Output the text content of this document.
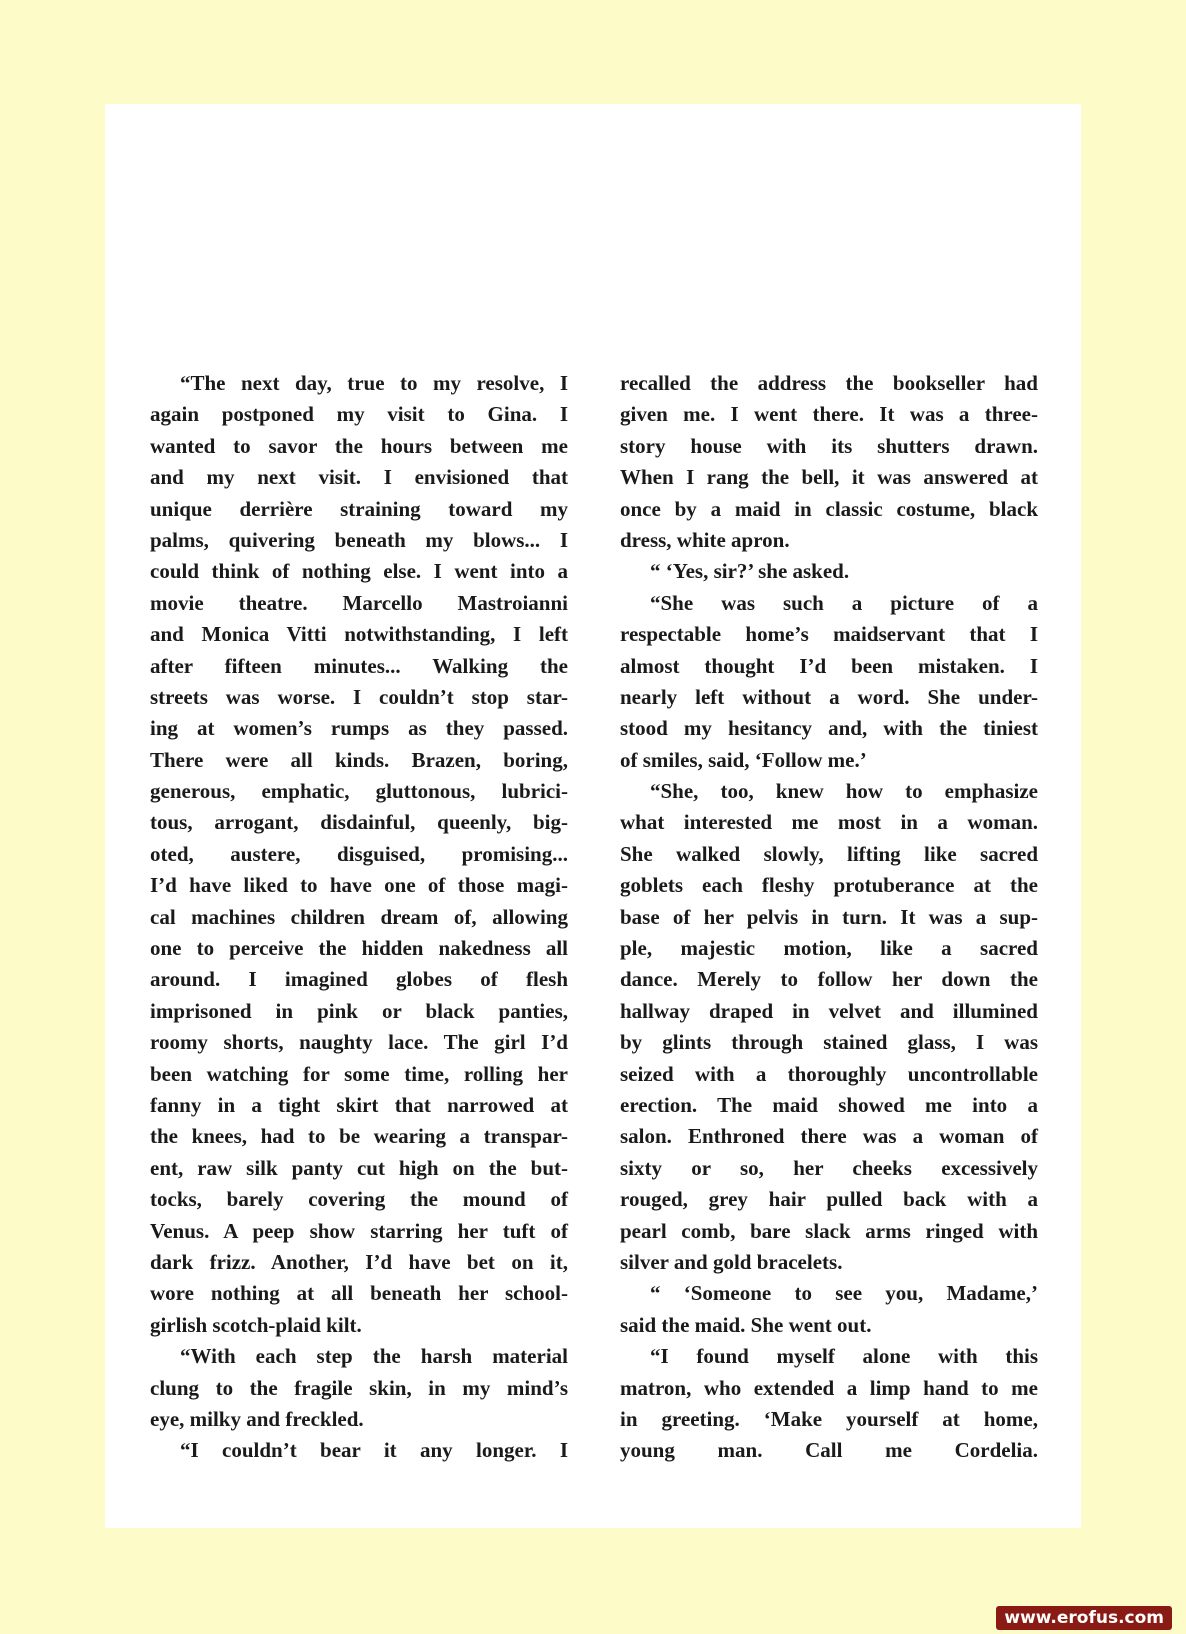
“The next day, true to my resolve, I
again postponed my visit to Gina. I
wanted to savor the hours between me
and my next visit. I envisioned that
unique derrière straining toward my
palms, quivering beneath my blows... I
could think of nothing else. I went into a
movie theatre. Marcello Mastroianni
and Monica Vitti notwithstanding, I left
after fifteen minutes... Walking the
streets was worse. I couldn’t stop star-
ing at women’s rumps as they passed.
There were all kinds. Brazen, boring,
generous, emphatic, gluttonous, lubrici-
tous, arrogant, disdainful, queenly, big-
oted, austere, disguised, promising...
I’d have liked to have one of those magi-
cal machines children dream of, allowing
one to perceive the hidden nakedness all
around. I imagined globes of flesh
imprisoned in pink or black panties,
roomy shorts, naughty lace. The girl I’d
been watching for some time, rolling her
fanny in a tight skirt that narrowed at
the knees, had to be wearing a transpar-
ent, raw silk panty cut high on the but-
tocks, barely covering the mound of
Venus. A peep show starring her tuft of
dark frizz. Another, I’d have bet on it,
wore nothing at all beneath her school-
girlish scotch-plaid kilt.
“With each step the harsh material
clung to the fragile skin, in my mind’s
eye, milky and freckled.
“I couldn’t bear it any longer. I
recalled the address the bookseller had
given me. I went there. It was a three-
story house with its shutters drawn.
When I rang the bell, it was answered at
once by a maid in classic costume, black
dress, white apron.
“ ‘Yes, sir?’ she asked.
“She was such a picture of a
respectable home’s maidservant that I
almost thought I’d been mistaken. I
nearly left without a word. She under-
stood my hesitancy and, with the tiniest
of smiles, said, ‘Follow me.’
“She, too, knew how to emphasize
what interested me most in a woman.
She walked slowly, lifting like sacred
goblets each fleshy protuberance at the
base of her pelvis in turn. It was a sup-
ple, majestic motion, like a sacred
dance. Merely to follow her down the
hallway draped in velvet and illumined
by glints through stained glass, I was
seized with a thoroughly uncontrollable
erection. The maid showed me into a
salon. Enthroned there was a woman of
sixty or so, her cheeks excessively
rouged, grey hair pulled back with a
pearl comb, bare slack arms ringed with
silver and gold bracelets.
“ ‘Someone to see you, Madame,’
said the maid. She went out.
“I found myself alone with this
matron, who extended a limp hand to me
in greeting. ‘Make yourself at home,
young man. Call me Cordelia.
www.erofus.com
